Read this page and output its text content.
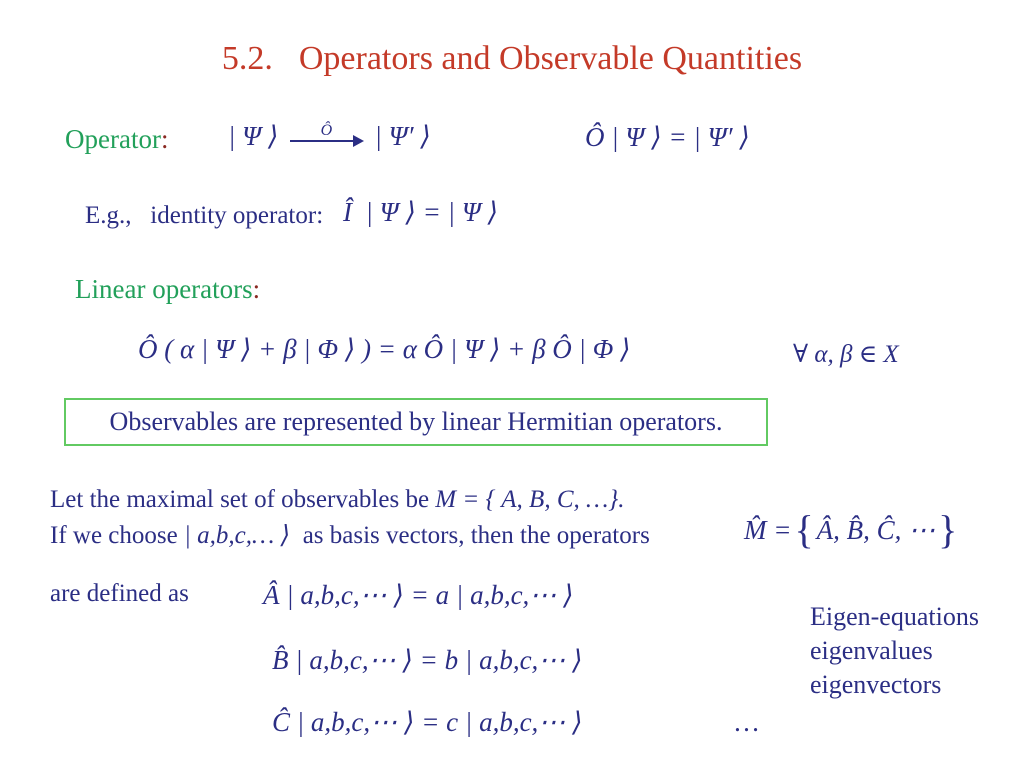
5.2. Operators and Observable Quantities
Operator: | Ψ ⟩	Ô | Ψ′ ⟩	Ô | Ψ ⟩ = | Ψ′ ⟩
E.g.,   identity operator: Î  | Ψ ⟩ = | Ψ ⟩
Linear operators:
Ô ( α | Ψ ⟩ + β | Φ ⟩ ) = α Ô | Ψ ⟩ + β Ô | Φ ⟩	∀ α, β ∈ X
Observables are represented by linear Hermitian operators.
Let the maximal set of observables be M = { A, B, C, …}.
If we choose | a,b,c,… ⟩  as basis vectors, then the operators	M̂ = { Â, B̂, Ĉ, ⋯ }
are defined as	Â | a,b,c,⋯ ⟩ = a | a,b,c,⋯ ⟩
B̂ | a,b,c,⋯ ⟩ = b | a,b,c,⋯ ⟩
Ĉ | a,b,c,⋯ ⟩ = c | a,b,c,⋯ ⟩	…
Eigen-equations
eigenvalues
eigenvectors
